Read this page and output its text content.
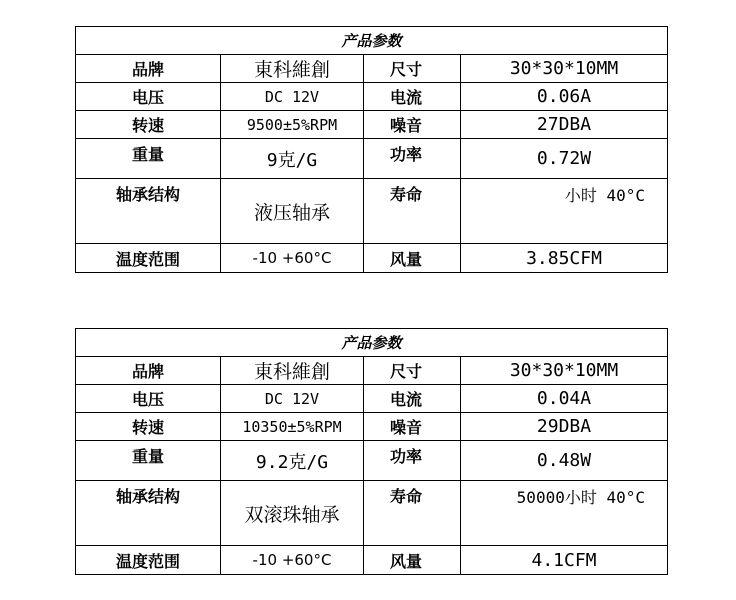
产品参数			
品牌	東科維創	尺寸	30*30*10MM
电压	DC 12V	电流	0.06A
转速	9500±5%RPM	噪音	27DBA
重量	9克/G	功率	0.72W
轴承结构	液压轴承	寿命	小时 40°C
温度范围	-10 +60°C	风量	3.85CFM
产品参数			
品牌	東科維創	尺寸	30*30*10MM
电压	DC 12V	电流	0.04A
转速	10350±5%RPM	噪音	29DBA
重量	9.2克/G	功率	0.48W
轴承结构	双滚珠轴承	寿命	50000小时 40°C
温度范围	-10 +60°C	风量	4.1CFM
